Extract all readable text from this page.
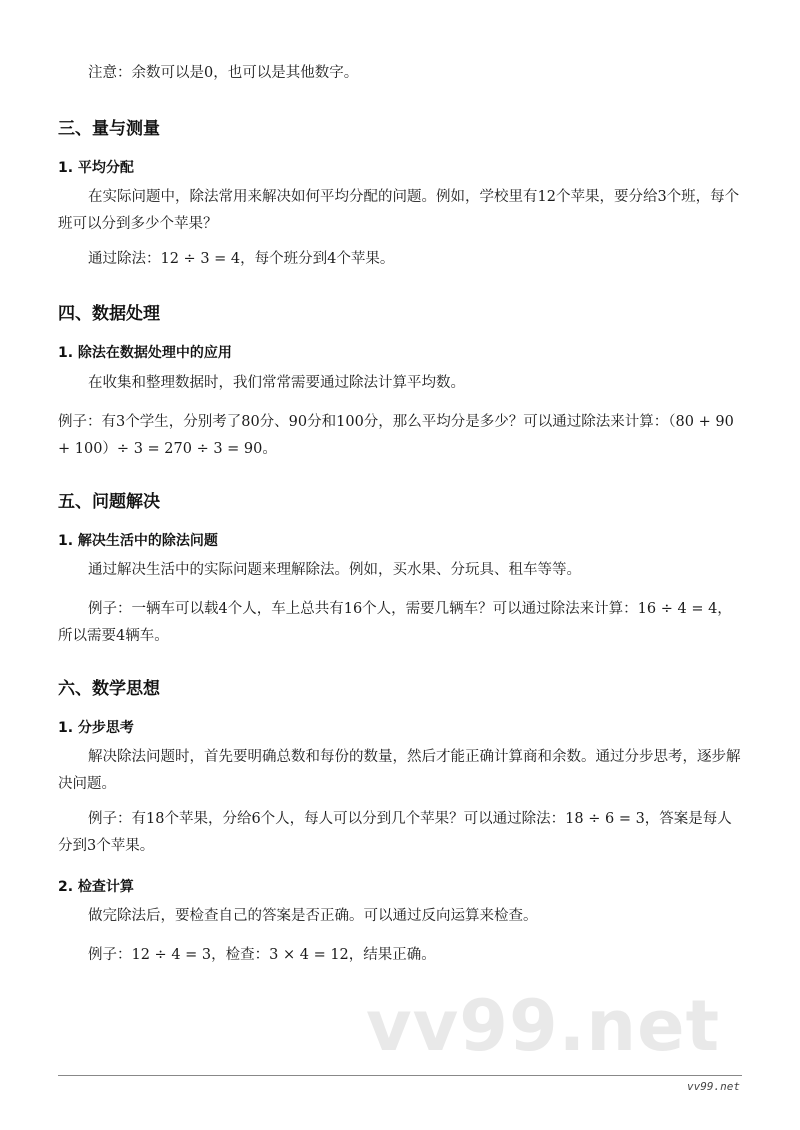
注意：余数可以是0，也可以是其他数字。

三、量与测量
1. 平均分配

在实际问题中，除法常用来解决如何平均分配的问题。例如，学校里有12个苹果，要分给3个班，每个班可以分到多少个苹果？

通过除法：12 ÷ 3 = 4，每个班分到4个苹果。

四、数据处理
1. 除法在数据处理中的应用

在收集和整理数据时，我们常常需要通过除法计算平均数。

例子：有3个学生，分别考了80分、90分和100分，那么平均分是多少？可以通过除法来计算：（80 + 90 + 100）÷ 3 = 270 ÷ 3 = 90。

五、问题解决
1. 解决生活中的除法问题

通过解决生活中的实际问题来理解除法。例如，买水果、分玩具、租车等等。

例子：一辆车可以载4个人，车上总共有16个人，需要几辆车？可以通过除法来计算：16 ÷ 4 = 4，所以需要4辆车。

六、数学思想
1. 分步思考

解决除法问题时，首先要明确总数和每份的数量，然后才能正确计算商和余数。通过分步思考，逐步解决问题。

例子：有18个苹果，分给6个人，每人可以分到几个苹果？可以通过除法：18 ÷ 6 = 3，答案是每人分到3个苹果。

2. 检查计算

做完除法后，要检查自己的答案是否正确。可以通过反向运算来检查。

例子：12 ÷ 4 = 3，检查：3 × 4 = 12，结果正确。

vv99.net
vv99.net
